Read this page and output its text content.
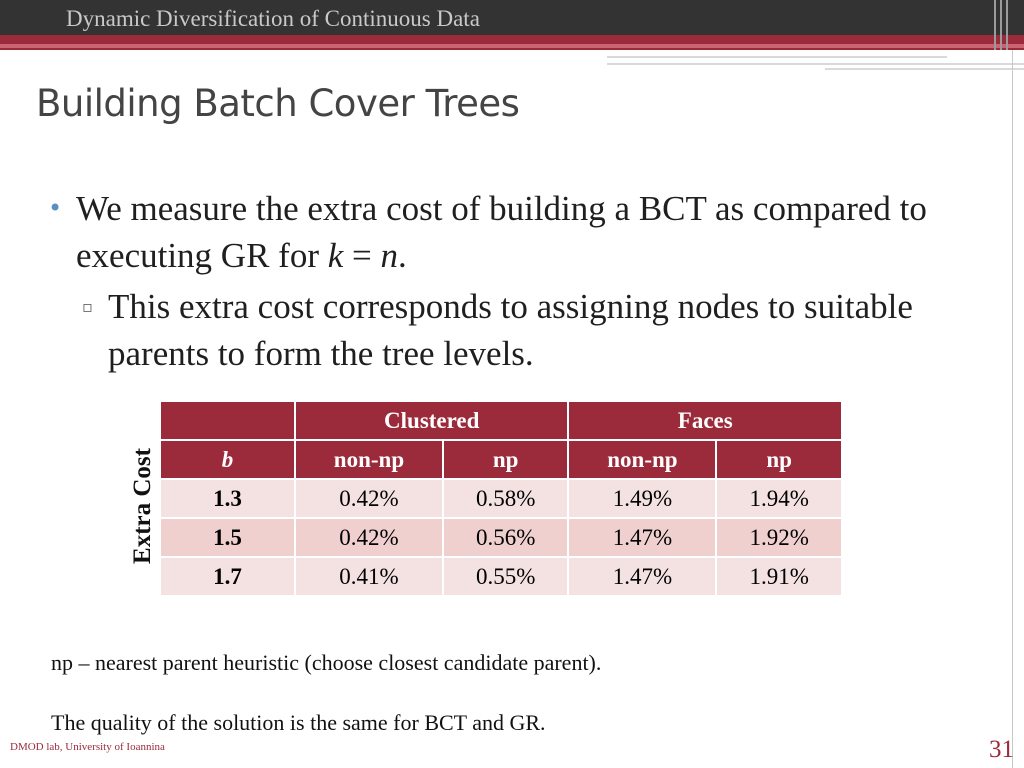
Dynamic Diversification of Continuous Data
Building Batch Cover Trees
• We measure the extra cost of building a BCT as compared to executing GR for k = n.
▫ This extra cost corresponds to assigning nodes to suitable parents to form the tree levels.
Extra Cost
	Clustered		Faces	
b	non-np	np	non-np	np
1.3	0.42%	0.58%	1.49%	1.94%
1.5	0.42%	0.56%	1.47%	1.92%
1.7	0.41%	0.55%	1.47%	1.91%
np – nearest parent heuristic (choose closest candidate parent).
The quality of the solution is the same for BCT and GR.
DMOD lab, University of Ioannina	31
